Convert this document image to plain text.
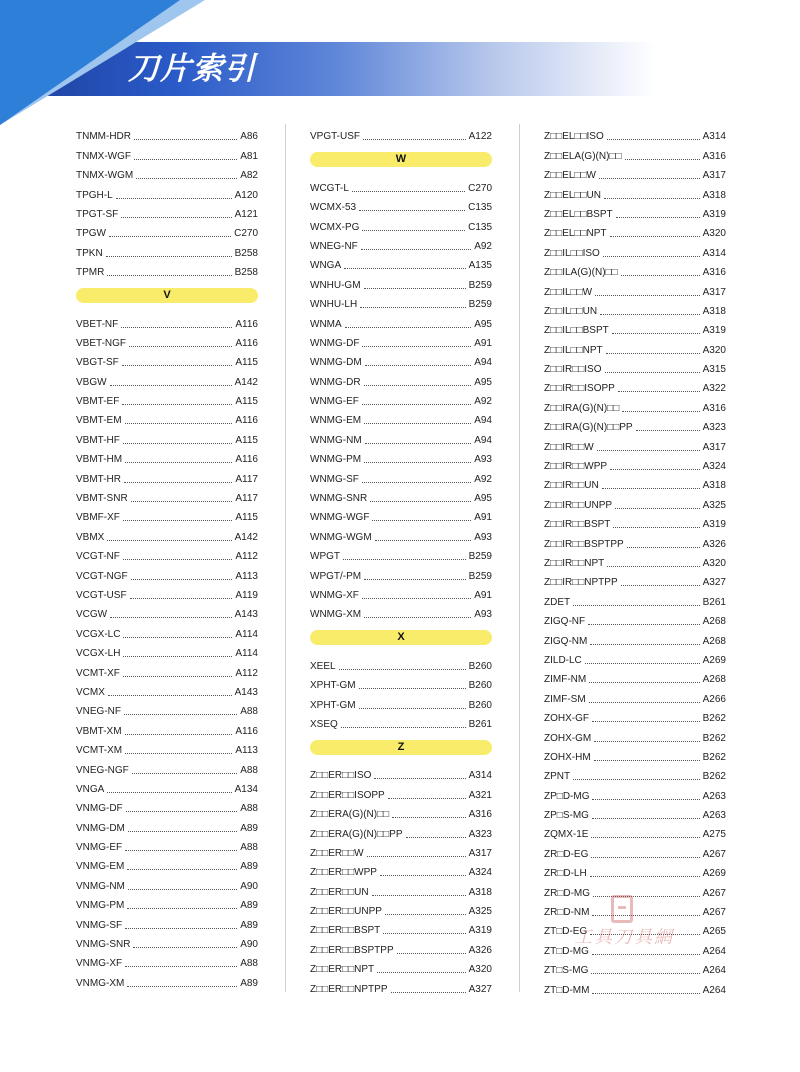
刀片索引
TNMM-HDR	A86
TNMX-WGF	A81
TNMX-WGM	A82
TPGH-L	A120
TPGT-SF	A121
TPGW	C270
TPKN	B258
TPMR	B258
V
VBET-NF	A116
VBET-NGF	A116
VBGT-SF	A115
VBGW	A142
VBMT-EF	A115
VBMT-EM	A116
VBMT-HF	A115
VBMT-HM	A116
VBMT-HR	A117
VBMT-SNR	A117
VBMF-XF	A115
VBMX	A142
VCGT-NF	A112
VCGT-NGF	A113
VCGT-USF	A119
VCGW	A143
VCGX-LC	A114
VCGX-LH	A114
VCMT-XF	A112
VCMX	A143
VNEG-NF	A88
VBMT-XM	A116
VCMT-XM	A113
VNEG-NGF	A88
VNGA	A134
VNMG-DF	A88
VNMG-DM	A89
VNMG-EF	A88
VNMG-EM	A89
VNMG-NM	A90
VNMG-PM	A89
VNMG-SF	A89
VNMG-SNR	A90
VNMG-XF	A88
VNMG-XM	A89
VPGT-USF	A122
W
WCGT-L	C270
WCMX-53	C135
WCMX-PG	C135
WNEG-NF	A92
WNGA	A135
WNHU-GM	B259
WNHU-LH	B259
WNMA	A95
WNMG-DF	A91
WNMG-DM	A94
WNMG-DR	A95
WNMG-EF	A92
WNMG-EM	A94
WNMG-NM	A94
WNMG-PM	A93
WNMG-SF	A92
WNMG-SNR	A95
WNMG-WGF	A91
WNMG-WGM	A93
WPGT	B259
WPGT/-PM	B259
WNMG-XF	A91
WNMG-XM	A93
X
XEEL	B260
XPHT-GM	B260
XPHT-GM	B260
XSEQ	B261
Z
Z□□ER□□ISO	A314
Z□□ER□□ISOPP	A321
Z□□ERA(G)(N)□□	A316
Z□□ERA(G)(N)□□PP	A323
Z□□ER□□W	A317
Z□□ER□□WPP	A324
Z□□ER□□UN	A318
Z□□ER□□UNPP	A325
Z□□ER□□BSPT	A319
Z□□ER□□BSPTPP	A326
Z□□ER□□NPT	A320
Z□□ER□□NPTPP	A327
Z□□EL□□ISO	A314
Z□□ELA(G)(N)□□	A316
Z□□EL□□W	A317
Z□□EL□□UN	A318
Z□□EL□□BSPT	A319
Z□□EL□□NPT	A320
Z□□IL□□ISO	A314
Z□□ILA(G)(N)□□	A316
Z□□IL□□W	A317
Z□□IL□□UN	A318
Z□□IL□□BSPT	A319
Z□□IL□□NPT	A320
Z□□IR□□ISO	A315
Z□□IR□□ISOPP	A322
Z□□IRA(G)(N)□□	A316
Z□□IRA(G)(N)□□PP	A323
Z□□IR□□W	A317
Z□□IR□□WPP	A324
Z□□IR□□UN	A318
Z□□IR□□UNPP	A325
Z□□IR□□BSPT	A319
Z□□IR□□BSPTPP	A326
Z□□IR□□NPT	A320
Z□□IR□□NPTPP	A327
ZDET	B261
ZIGQ-NF	A268
ZIGQ-NM	A268
ZILD-LC	A269
ZIMF-NM	A268
ZIMF-SM	A266
ZOHX-GF	B262
ZOHX-GM	B262
ZOHX-HM	B262
ZPNT	B262
ZP□D-MG	A263
ZP□S-MG	A263
ZQMX-1E	A275
ZR□D-EG	A267
ZR□D-LH	A269
ZR□D-MG	A267
ZR□D-NM	A267
ZT□D-EG	A265
ZT□D-MG	A264
ZT□S-MG	A264
ZT□D-MM	A264
工具刀具網
